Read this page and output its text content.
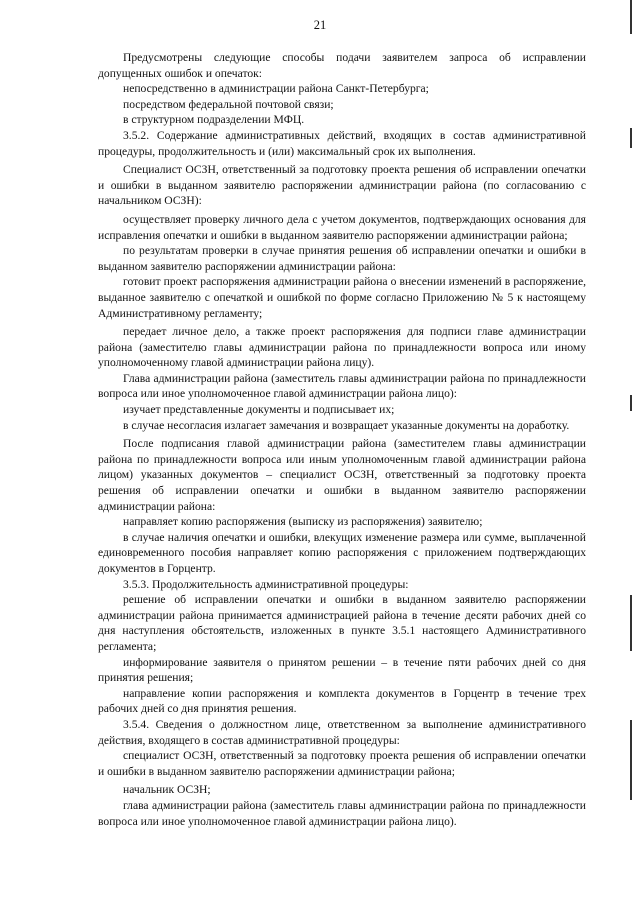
21

Предусмотрены следующие способы подачи заявителем запроса об исправлении допущенных ошибок и опечаток:

непосредственно в администрации района Санкт-Петербурга;

посредством федеральной почтовой связи;

в структурном подразделении МФЦ.

3.5.2. Содержание административных действий, входящих в состав административной процедуры, продолжительность и (или) максимальный срок их выполнения.

Специалист ОСЗН, ответственный за подготовку проекта решения об исправлении опечатки и ошибки в выданном заявителю распоряжении администрации района (по согласованию с начальником ОСЗН):

осуществляет проверку личного дела с учетом документов, подтверждающих основания для исправления опечатки и ошибки в выданном заявителю распоряжении администрации района;

по результатам проверки в случае принятия решения об исправлении опечатки и ошибки в выданном заявителю распоряжении администрации района:

готовит проект распоряжения администрации района о внесении изменений в распоряжение, выданное заявителю с опечаткой и ошибкой по форме согласно Приложению № 5 к настоящему Административному регламенту;

передает личное дело, а также проект распоряжения для подписи главе администрации района (заместителю главы администрации района по принадлежности вопроса или иному уполномоченному главой администрации района лицу).

Глава администрации района (заместитель главы администрации района по принадлежности вопроса или иное уполномоченное главой администрации района лицо):

изучает представленные документы и подписывает их;

в случае несогласия излагает замечания и возвращает указанные документы на доработку.

После подписания главой администрации района (заместителем главы администрации района по принадлежности вопроса или иным уполномоченным главой администрации района лицом) указанных документов – специалист ОСЗН, ответственный за подготовку проекта решения об исправлении опечатки и ошибки в выданном заявителю распоряжении администрации района:

направляет копию распоряжения (выписку из распоряжения) заявителю;

в случае наличия опечатки и ошибки, влекущих изменение размера или сумме, выплаченной единовременного пособия направляет копию распоряжения с приложением подтверждающих документов в Горцентр.

3.5.3. Продолжительность административной процедуры:

решение об исправлении опечатки и ошибки в выданном заявителю распоряжении администрации района принимается администрацией района в течение десяти рабочих дней со дня наступления обстоятельств, изложенных в пункте 3.5.1 настоящего Административного регламента;

информирование заявителя о принятом решении – в течение пяти рабочих дней со дня принятия решения;

направление копии распоряжения и комплекта документов в Горцентр в течение трех рабочих дней со дня принятия решения.

3.5.4. Сведения о должностном лице, ответственном за выполнение административного действия, входящего в состав административной процедуры:

специалист ОСЗН, ответственный за подготовку проекта решения об исправлении опечатки и ошибки в выданном заявителю распоряжении администрации района;

начальник ОСЗН;

глава администрации района (заместитель главы администрации района по принадлежности вопроса или иное уполномоченное главой администрации района лицо).
